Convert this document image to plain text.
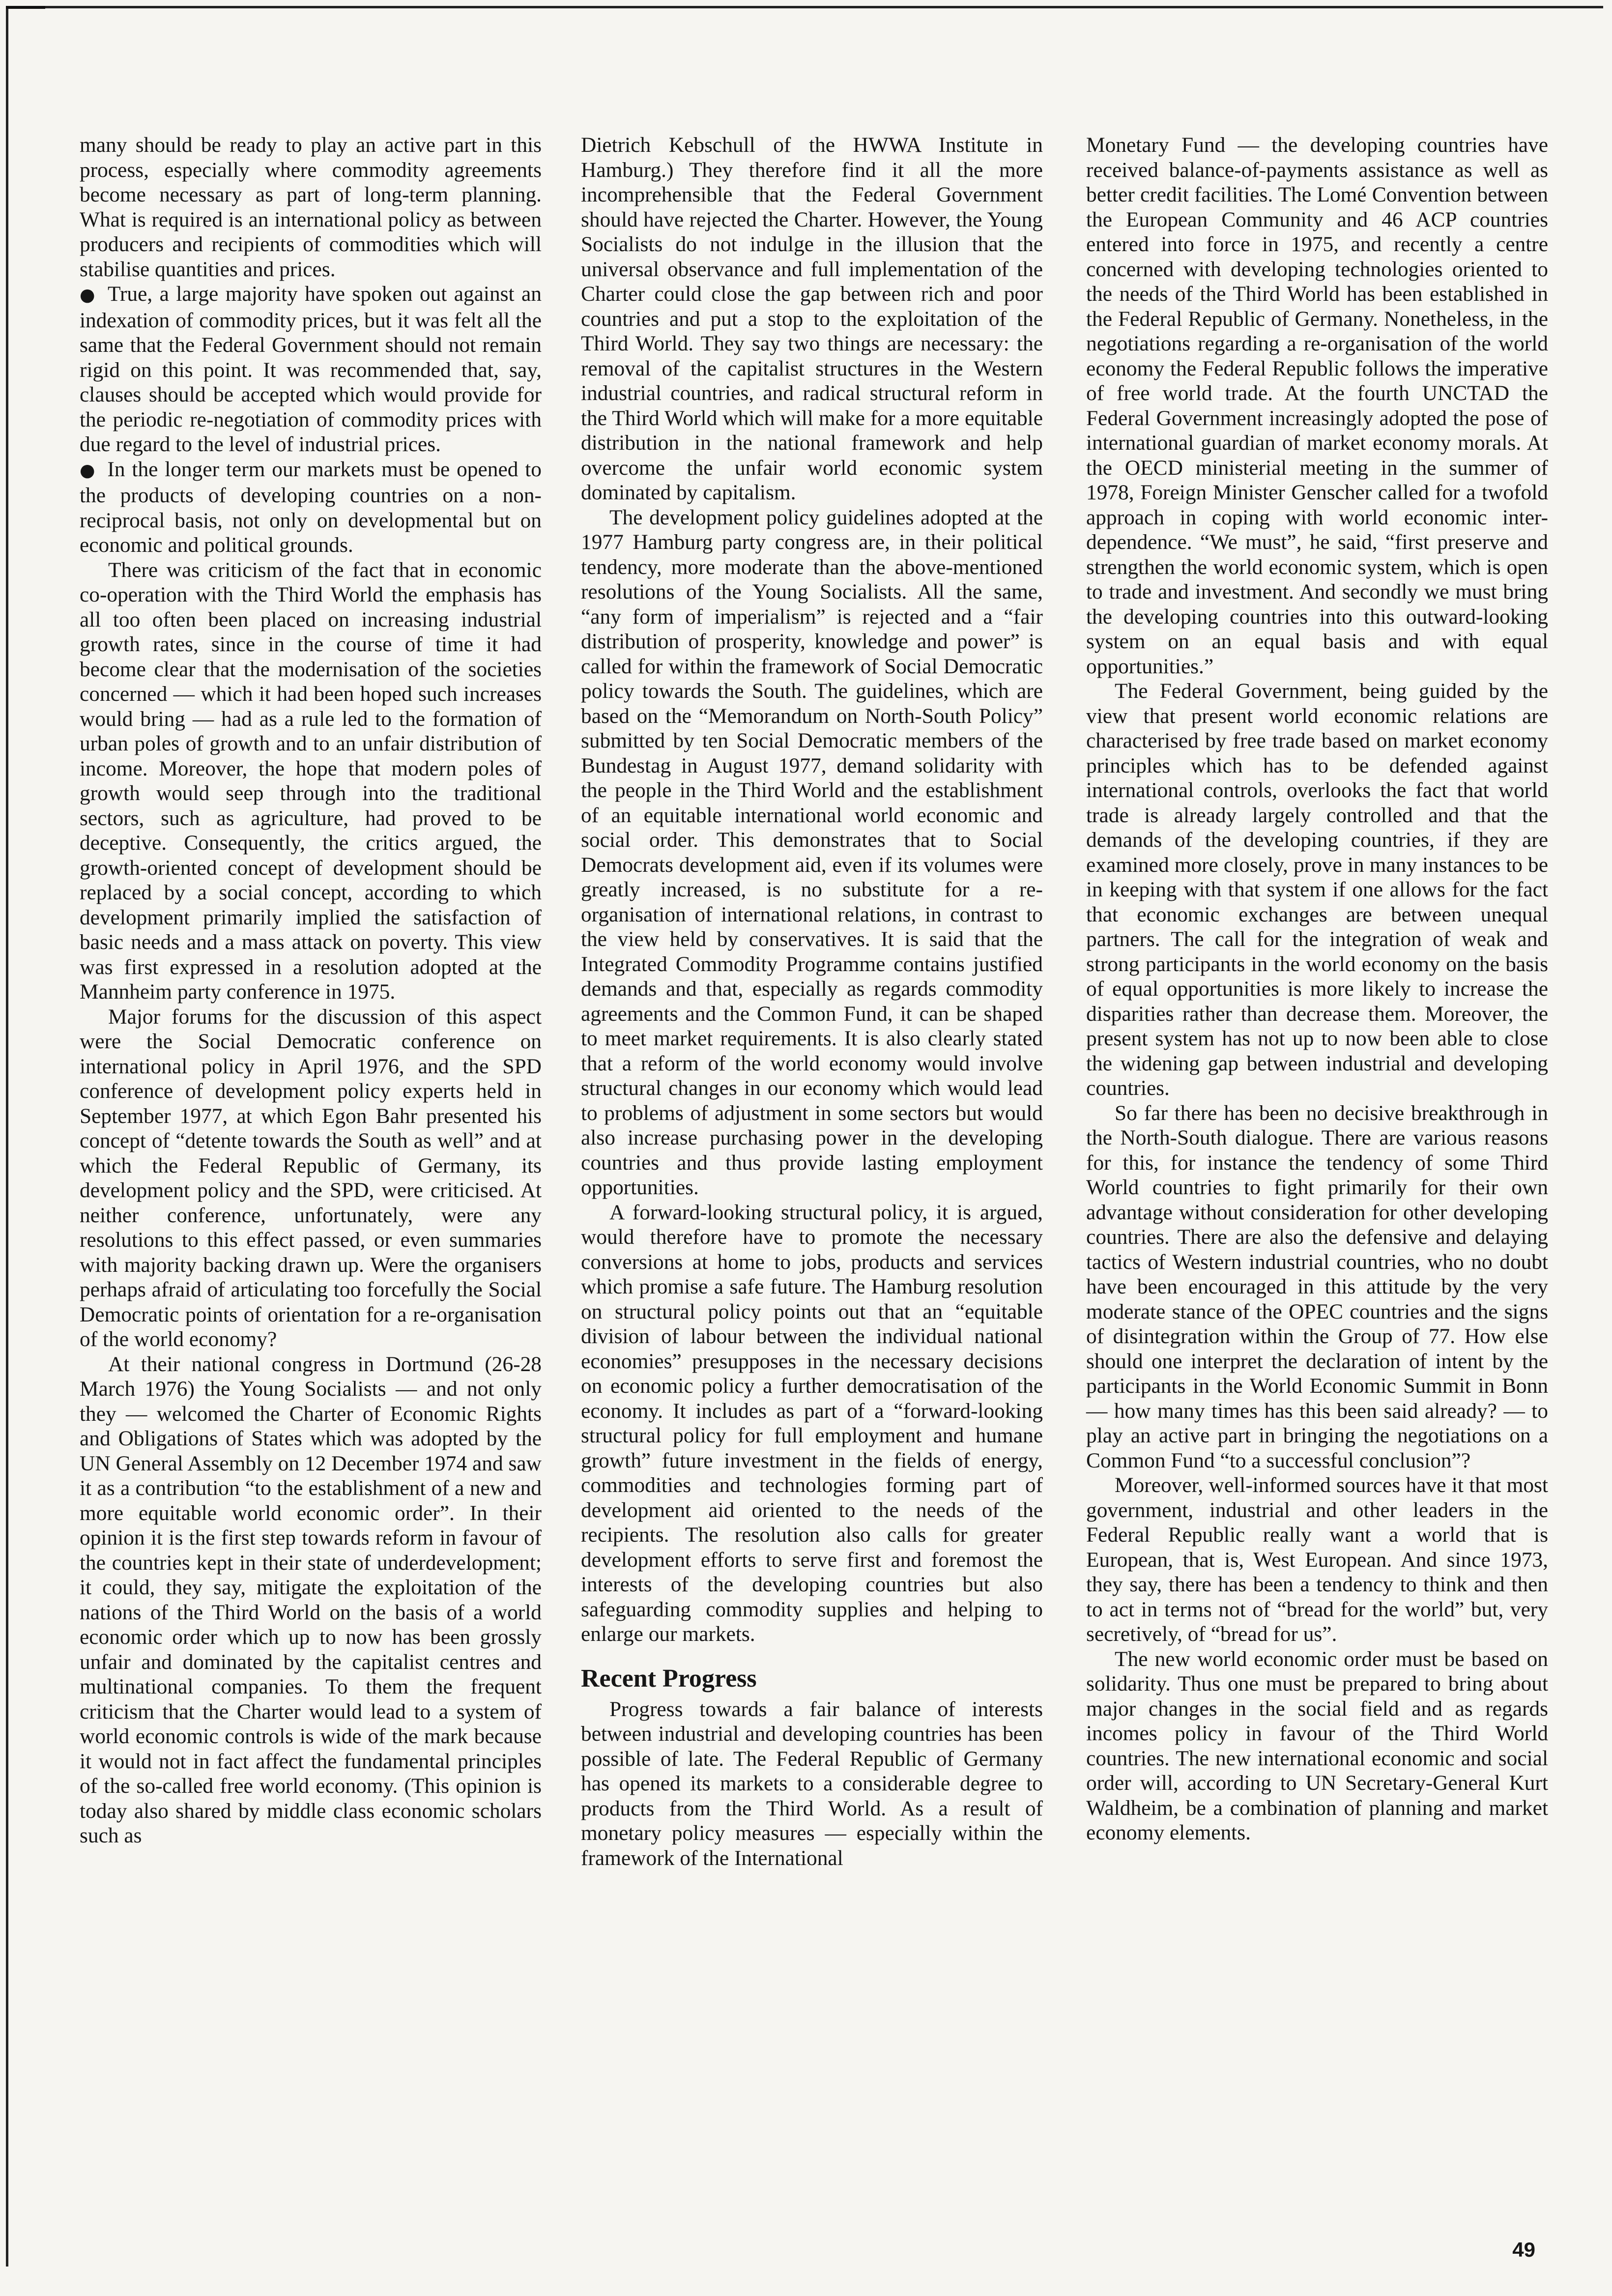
many should be ready to play an active part in this process, especially where commodity agreements become necessary as part of long-term planning. What is required is an international policy as between producers and recipients of commodities which will stabilise quantities and prices.

● True, a large majority have spoken out against an indexation of commodity prices, but it was felt all the same that the Federal Government should not remain rigid on this point. It was recommended that, say, clauses should be accepted which would provide for the periodic re-negotiation of commodity prices with due regard to the level of industrial prices.

● In the longer term our markets must be opened to the products of developing countries on a non-reciprocal basis, not only on developmental but on economic and political grounds.

There was criticism of the fact that in economic co-operation with the Third World the emphasis has all too often been placed on increasing industrial growth rates, since in the course of time it had become clear that the modernisation of the societies concerned — which it had been hoped such increases would bring — had as a rule led to the formation of urban poles of growth and to an unfair distribution of income. Moreover, the hope that modern poles of growth would seep through into the traditional sectors, such as agriculture, had proved to be deceptive. Consequently, the critics argued, the growth-oriented concept of development should be replaced by a social concept, according to which development primarily implied the satisfaction of basic needs and a mass attack on poverty. This view was first expressed in a resolution adopted at the Mannheim party conference in 1975.

Major forums for the discussion of this aspect were the Social Democratic conference on international policy in April 1976, and the SPD conference of development policy experts held in September 1977, at which Egon Bahr presented his concept of “detente towards the South as well” and at which the Federal Republic of Germany, its development policy and the SPD, were criticised. At neither conference, unfortunately, were any resolutions to this effect passed, or even summaries with majority backing drawn up. Were the organisers perhaps afraid of articulating too forcefully the Social Democratic points of orientation for a re-organisation of the world economy?

At their national congress in Dortmund (26-28 March 1976) the Young Socialists — and not only they — welcomed the Charter of Economic Rights and Obligations of States which was adopted by the UN General Assembly on 12 December 1974 and saw it as a contribution “to the establishment of a new and more equitable world economic order”. In their opinion it is the first step towards reform in favour of the countries kept in their state of underdevelopment; it could, they say, mitigate the exploitation of the nations of the Third World on the basis of a world economic order which up to now has been grossly unfair and dominated by the capitalist centres and multinational companies. To them the frequent criticism that the Charter would lead to a system of world economic controls is wide of the mark because it would not in fact affect the fundamental principles of the so-called free world economy. (This opinion is today also shared by middle class economic scholars such as

Dietrich Kebschull of the HWWA Institute in Hamburg.) They therefore find it all the more incomprehensible that the Federal Government should have rejected the Charter. However, the Young Socialists do not indulge in the illusion that the universal observance and full implementation of the Charter could close the gap between rich and poor countries and put a stop to the exploitation of the Third World. They say two things are necessary: the removal of the capitalist structures in the Western industrial countries, and radical structural reform in the Third World which will make for a more equitable distribution in the national framework and help overcome the unfair world economic system dominated by capitalism.

The development policy guidelines adopted at the 1977 Hamburg party congress are, in their political tendency, more moderate than the above-mentioned resolutions of the Young Socialists. All the same, “any form of imperialism” is rejected and a “fair distribution of prosperity, knowledge and power” is called for within the framework of Social Democratic policy towards the South. The guidelines, which are based on the “Memorandum on North-South Policy” submitted by ten Social Democratic members of the Bundestag in August 1977, demand solidarity with the people in the Third World and the establishment of an equitable international world economic and social order. This demonstrates that to Social Democrats development aid, even if its volumes were greatly increased, is no substitute for a re-organisation of international relations, in contrast to the view held by conservatives. It is said that the Integrated Commodity Programme contains justified demands and that, especially as regards commodity agreements and the Common Fund, it can be shaped to meet market requirements. It is also clearly stated that a reform of the world economy would involve structural changes in our economy which would lead to problems of adjustment in some sectors but would also increase purchasing power in the developing countries and thus provide lasting employment opportunities.

A forward-looking structural policy, it is argued, would therefore have to promote the necessary conversions at home to jobs, products and services which promise a safe future. The Hamburg resolution on structural policy points out that an “equitable division of labour between the individual national economies” presupposes in the necessary decisions on economic policy a further democratisation of the economy. It includes as part of a “forward-looking structural policy for full employment and humane growth” future investment in the fields of energy, commodities and technologies forming part of development aid oriented to the needs of the recipients. The resolution also calls for greater development efforts to serve first and foremost the interests of the developing countries but also safeguarding commodity supplies and helping to enlarge our markets.

Recent Progress

Progress towards a fair balance of interests between industrial and developing countries has been possible of late. The Federal Republic of Germany has opened its markets to a considerable degree to products from the Third World. As a result of monetary policy measures — especially within the framework of the International

Monetary Fund — the developing countries have received balance-of-payments assistance as well as better credit facilities. The Lomé Convention between the European Community and 46 ACP countries entered into force in 1975, and recently a centre concerned with developing technologies oriented to the needs of the Third World has been established in the Federal Republic of Germany. Nonetheless, in the negotiations regarding a re-organisation of the world economy the Federal Republic follows the imperative of free world trade. At the fourth UNCTAD the Federal Government increasingly adopted the pose of international guardian of market economy morals. At the OECD ministerial meeting in the summer of 1978, Foreign Minister Genscher called for a twofold approach in coping with world economic inter-dependence. “We must”, he said, “first preserve and strengthen the world economic system, which is open to trade and investment. And secondly we must bring the developing countries into this outward-looking system on an equal basis and with equal opportunities.”

The Federal Government, being guided by the view that present world economic relations are characterised by free trade based on market economy principles which has to be defended against international controls, overlooks the fact that world trade is already largely controlled and that the demands of the developing countries, if they are examined more closely, prove in many instances to be in keeping with that system if one allows for the fact that economic exchanges are between unequal partners. The call for the integration of weak and strong participants in the world economy on the basis of equal opportunities is more likely to increase the disparities rather than decrease them. Moreover, the present system has not up to now been able to close the widening gap between industrial and developing countries.

So far there has been no decisive breakthrough in the North-South dialogue. There are various reasons for this, for instance the tendency of some Third World countries to fight primarily for their own advantage without consideration for other developing countries. There are also the defensive and delaying tactics of Western industrial countries, who no doubt have been encouraged in this attitude by the very moderate stance of the OPEC countries and the signs of disintegration within the Group of 77. How else should one interpret the declaration of intent by the participants in the World Economic Summit in Bonn — how many times has this been said already? — to play an active part in bringing the negotiations on a Common Fund “to a successful conclusion”?

Moreover, well-informed sources have it that most government, industrial and other leaders in the Federal Republic really want a world that is European, that is, West European. And since 1973, they say, there has been a tendency to think and then to act in terms not of “bread for the world” but, very secretively, of “bread for us”.

The new world economic order must be based on solidarity. Thus one must be prepared to bring about major changes in the social field and as regards incomes policy in favour of the Third World countries. The new international economic and social order will, according to UN Secretary-General Kurt Waldheim, be a combination of planning and market economy elements.

49
